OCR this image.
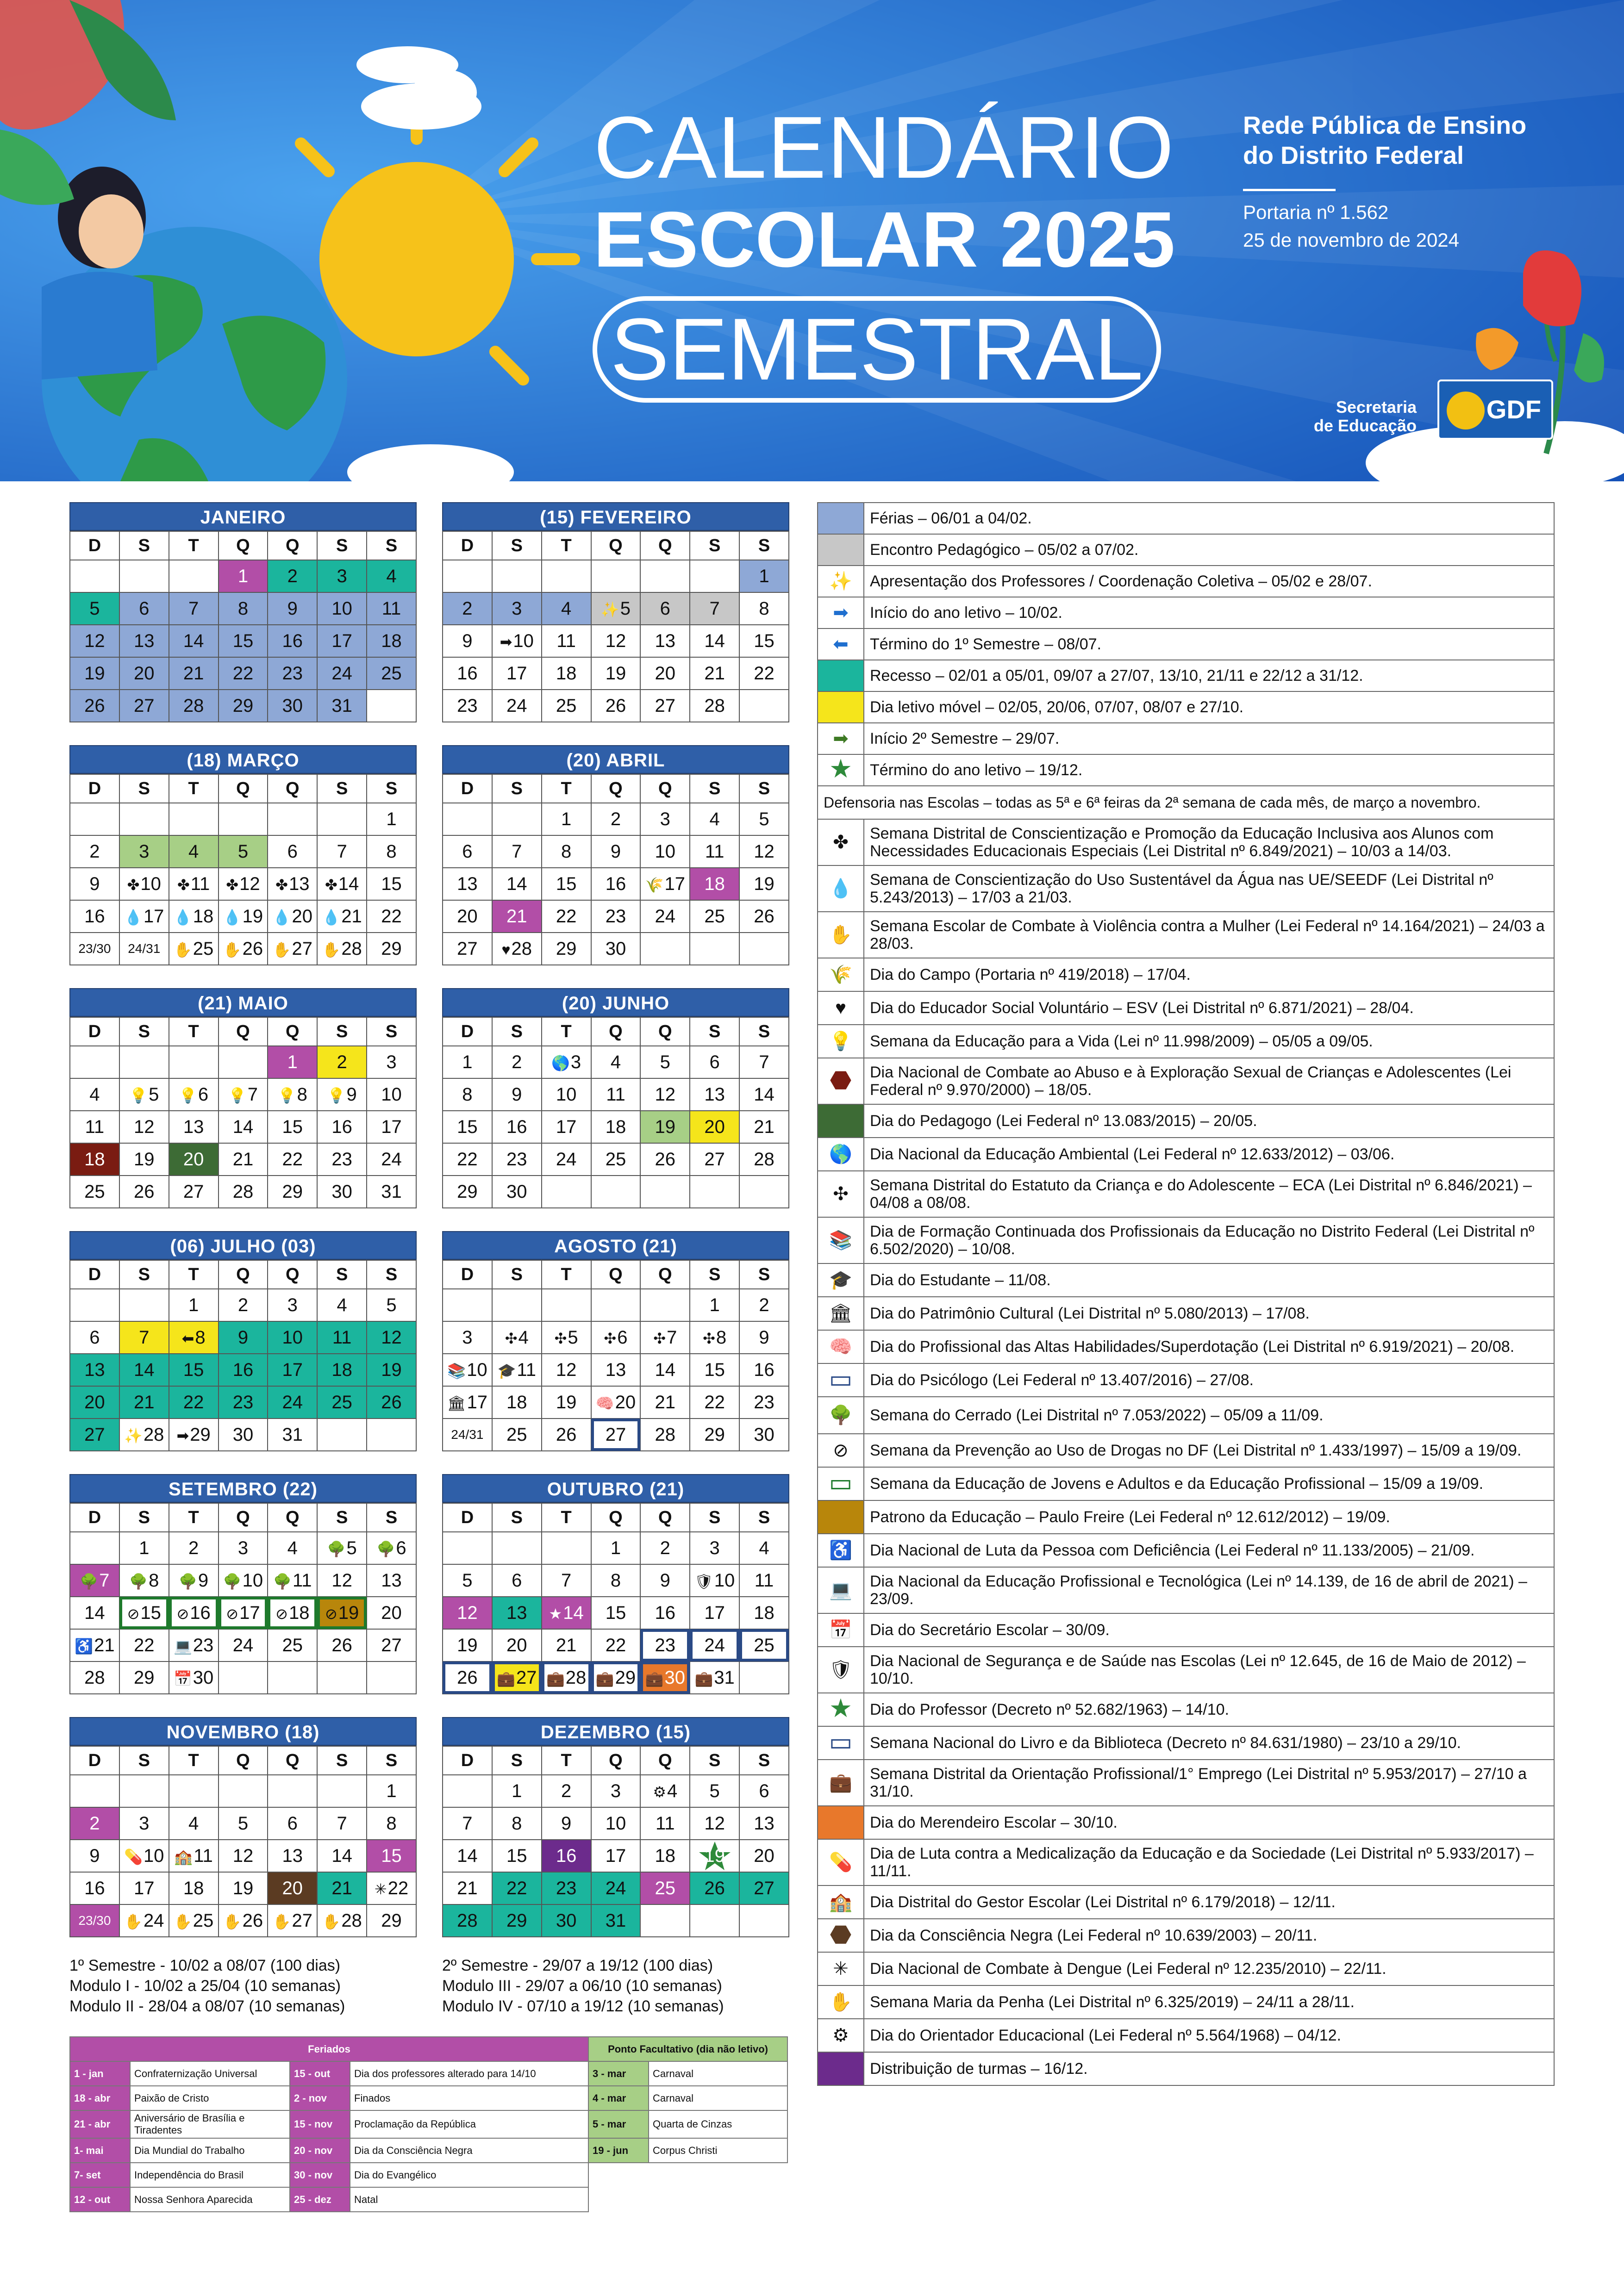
CALENDÁRIO
ESCOLAR 2025
SEMESTRAL
Rede Pública de Ensino
do Distrito Federal
Portaria nº 1.562
25 de novembro de 2024
Secretaria
de Educação
GDF
JANEIRO
D	S	T	Q	Q	S	S
			1	2	3	4
5	6	7	8	9	10	11
12	13	14	15	16	17	18
19	20	21	22	23	24	25
26	27	28	29	30	31	
(15) FEVEREIRO
D	S	T	Q	Q	S	S
						1
2	3	4	✨5	6	7	8
9	➡10	11	12	13	14	15
16	17	18	19	20	21	22
23	24	25	26	27	28	
(18) MARÇO
D	S	T	Q	Q	S	S
						1
2	3	4	5	6	7	8
9	✤10	✤11	✤12	✤13	✤14	15
16	💧17	💧18	💧19	💧20	💧21	22
23/30	24/31	✋25	✋26	✋27	✋28	29
(20) ABRIL
D	S	T	Q	Q	S	S
		1	2	3	4	5
6	7	8	9	10	11	12
13	14	15	16	🌾17	18	19
20	21	22	23	24	25	26
27	♥28	29	30			
(21) MAIO
D	S	T	Q	Q	S	S
				1	2	3
4	💡5	💡6	💡7	💡8	💡9	10
11	12	13	14	15	16	17
18	19	20	21	22	23	24
25	26	27	28	29	30	31
(20) JUNHO
D	S	T	Q	Q	S	S
1	2	🌎3	4	5	6	7
8	9	10	11	12	13	14
15	16	17	18	19	20	21
22	23	24	25	26	27	28
29	30					
(06) JULHO (03)
D	S	T	Q	Q	S	S
		1	2	3	4	5
6	7	⬅8	9	10	11	12
13	14	15	16	17	18	19
20	21	22	23	24	25	26
27	✨28	➡29	30	31		
AGOSTO (21)
D	S	T	Q	Q	S	S
					1	2
3	✣4	✣5	✣6	✣7	✣8	9
📚10	🎓11	12	13	14	15	16
🏛17	18	19	🧠20	21	22	23
24/31	25	26	27	28	29	30
SETEMBRO (22)
D	S	T	Q	Q	S	S
	1	2	3	4	🌳5	🌳6
🌳7	🌳8	🌳9	🌳10	🌳11	12	13
14	⊘15	⊘16	⊘17	⊘18	⊘19	20
♿21	22	💻23	24	25	26	27
28	29	📅30				
OUTUBRO (21)
D	S	T	Q	Q	S	S
			1	2	3	4
5	6	7	8	9	🛡10	11
12	13	★14	15	16	17	18
19	20	21	22	23	24	25
26	💼27	💼28	💼29	💼30	💼31	
NOVEMBRO (18)
D	S	T	Q	Q	S	S
						1
2	3	4	5	6	7	8
9	💊10	🏫11	12	13	14	15
16	17	18	19	20	21	✳22
23/30	✋24	✋25	✋26	✋27	✋28	29
DEZEMBRO (15)
D	S	T	Q	Q	S	S
	1	2	3	⚙4	5	6
7	8	9	10	11	12	13
14	15	16	17	18	19	20
21	22	23	24	25	26	27
28	29	30	31			
1º Semestre - 10/02 a 08/07 (100 dias)
Modulo I - 10/02 a 25/04 (10 semanas)
Modulo II - 28/04 a 08/07 (10 semanas)
2º Semestre - 29/07 a 19/12 (100 dias)
Modulo III - 29/07 a 06/10 (10 semanas)
Modulo IV - 07/10 a 19/12 (10 semanas)
Feriados				Ponto Facultativo (dia não letivo)	
1 - jan	Confraternização Universal	15 - out	Dia dos professores alterado para 14/10	3 - mar	Carnaval
18 - abr	Paixão de Cristo	2 - nov	Finados	4 - mar	Carnaval
21 - abr	Aniversário de Brasília e Tiradentes	15 - nov	Proclamação da República	5 - mar	Quarta de Cinzas
1- mai	Dia Mundial do Trabalho	20 - nov	Dia da Consciência Negra	19 - jun	Corpus Christi
7- set	Independência do Brasil	30 - nov	Dia do Evangélico		
12 - out	Nossa Senhora Aparecida	25 - dez	Natal		
	Férias – 06/01 a 04/02.
	Encontro Pedagógico – 05/02 a 07/02.
✨	Apresentação dos Professores / Coordenação Coletiva – 05/02 e 28/07.
➡	Início do ano letivo – 10/02.
⬅	Término do 1º Semestre – 08/07.
	Recesso – 02/01 a 05/01, 09/07 a 27/07, 13/10, 21/11 e 22/12 a 31/12.
	Dia letivo móvel – 02/05, 20/06, 07/07, 08/07 e 27/10.
➡	Início 2º Semestre – 29/07.
★	Término do ano letivo – 19/12.
Defensoria nas Escolas – todas as 5ª e 6ª feiras da 2ª semana de cada mês, de março a novembro.	
✤	Semana Distrital de Conscientização e Promoção da Educação Inclusiva aos Alunos com Necessidades Educacionais Especiais (Lei Distrital nº 6.849/2021) – 10/03 a 14/03.
💧	Semana de Conscientização do Uso Sustentável da Água nas UE/SEEDF (Lei Distrital nº 5.243/2013) – 17/03 a 21/03.
✋	Semana Escolar de Combate à Violência contra a Mulher (Lei Federal nº 14.164/2021) – 24/03 a 28/03.
🌾	Dia do Campo (Portaria nº 419/2018) – 17/04.
♥	Dia do Educador Social Voluntário – ESV (Lei Distrital nº 6.871/2021) – 28/04.
💡	Semana da Educação para a Vida (Lei nº 11.998/2009) – 05/05 a 09/05.
⬣	Dia Nacional de Combate ao Abuso e à Exploração Sexual de Crianças e Adolescentes (Lei Federal nº 9.970/2000) – 18/05.
	Dia do Pedagogo (Lei Federal nº 13.083/2015) – 20/05.
🌎	Dia Nacional da Educação Ambiental (Lei Federal nº 12.633/2012) – 03/06.
✣	Semana Distrital do Estatuto da Criança e do Adolescente – ECA (Lei Distrital nº 6.846/2021) – 04/08 a 08/08.
📚	Dia de Formação Continuada dos Profissionais da Educação no Distrito Federal (Lei Distrital nº 6.502/2020) – 10/08.
🎓	Dia do Estudante – 11/08.
🏛	Dia do Patrimônio Cultural (Lei Distrital nº 5.080/2013) – 17/08.
🧠	Dia do Profissional das Altas Habilidades/Superdotação (Lei Distrital nº 6.919/2021) – 20/08.
▭	Dia do Psicólogo (Lei Federal nº 13.407/2016) – 27/08.
🌳	Semana do Cerrado (Lei Distrital nº 7.053/2022) – 05/09 a 11/09.
⊘	Semana da Prevenção ao Uso de Drogas no DF (Lei Distrital nº 1.433/1997) – 15/09 a 19/09.
▭	Semana da Educação de Jovens e Adultos e da Educação Profissional – 15/09 a 19/09.
	Patrono da Educação – Paulo Freire (Lei Federal nº 12.612/2012) – 19/09.
♿	Dia Nacional de Luta da Pessoa com Deficiência (Lei Federal nº 11.133/2005) – 21/09.
💻	Dia Nacional da Educação Profissional e Tecnológica (Lei nº 14.139, de 16 de abril de 2021) – 23/09.
📅	Dia do Secretário Escolar – 30/09.
🛡	Dia Nacional de Segurança e de Saúde nas Escolas (Lei nº 12.645, de 16 de Maio de 2012) – 10/10.
★	Dia do Professor (Decreto nº 52.682/1963) – 14/10.
▭	Semana Nacional do Livro e da Biblioteca (Decreto nº 84.631/1980) – 23/10 a 29/10.
💼	Semana Distrital da Orientação Profissional/1° Emprego (Lei Distrital nº 5.953/2017) – 27/10 a 31/10.
	Dia do Merendeiro Escolar – 30/10.
💊	Dia de Luta contra a Medicalização da Educação e da Sociedade (Lei Distrital nº 5.933/2017) – 11/11.
🏫	Dia Distrital do Gestor Escolar (Lei Distrital nº 6.179/2018) – 12/11.
⬣	Dia da Consciência Negra (Lei Federal nº 10.639/2003) – 20/11.
✳	Dia Nacional de Combate à Dengue (Lei Federal nº 12.235/2010) – 22/11.
✋	Semana Maria da Penha (Lei Distrital nº 6.325/2019) – 24/11 a 28/11.
⚙	Dia do Orientador Educacional (Lei Federal nº 5.564/1968) – 04/12.
	Distribuição de turmas – 16/12.
